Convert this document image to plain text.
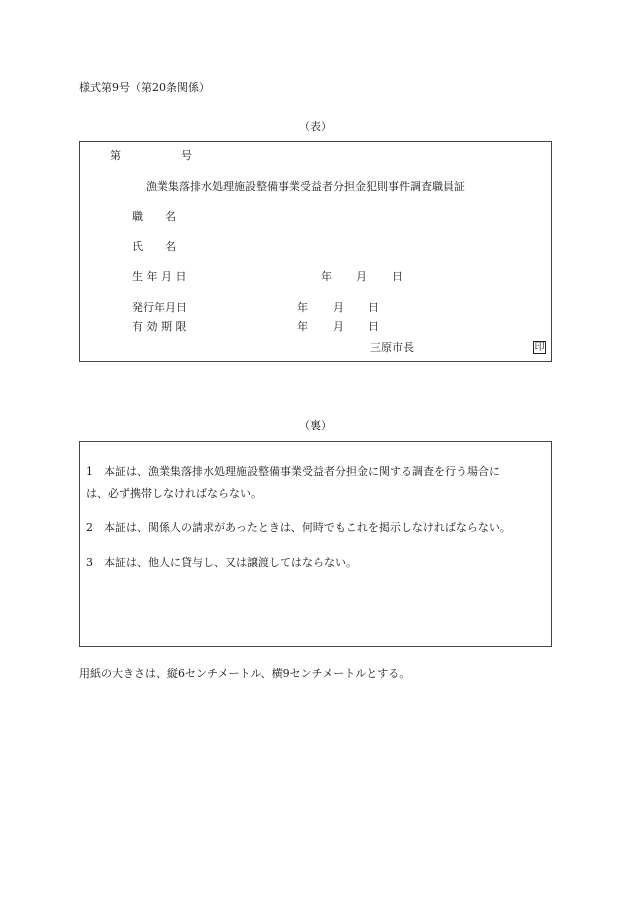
様式第9号（第20条関係）
（表）
第	号
漁業集落排水処理施設整備事業受益者分担金犯則事件調査職員証
職　　名
氏　　名
生 年 月 日	年 月 日
発行年月日	年 月 日
有 効 期 限	年 月 日
三原市長	印
（裏）
1　本証は、漁業集落排水処理施設整備事業受益者分担金に関する調査を行う場合に
は、必ず携帯しなければならない。
2　本証は、関係人の請求があったときは、何時でもこれを掲示しなければならない。
3　本証は、他人に貸与し、又は譲渡してはならない。
用紙の大きさは、縦6センチメートル、横9センチメートルとする。
